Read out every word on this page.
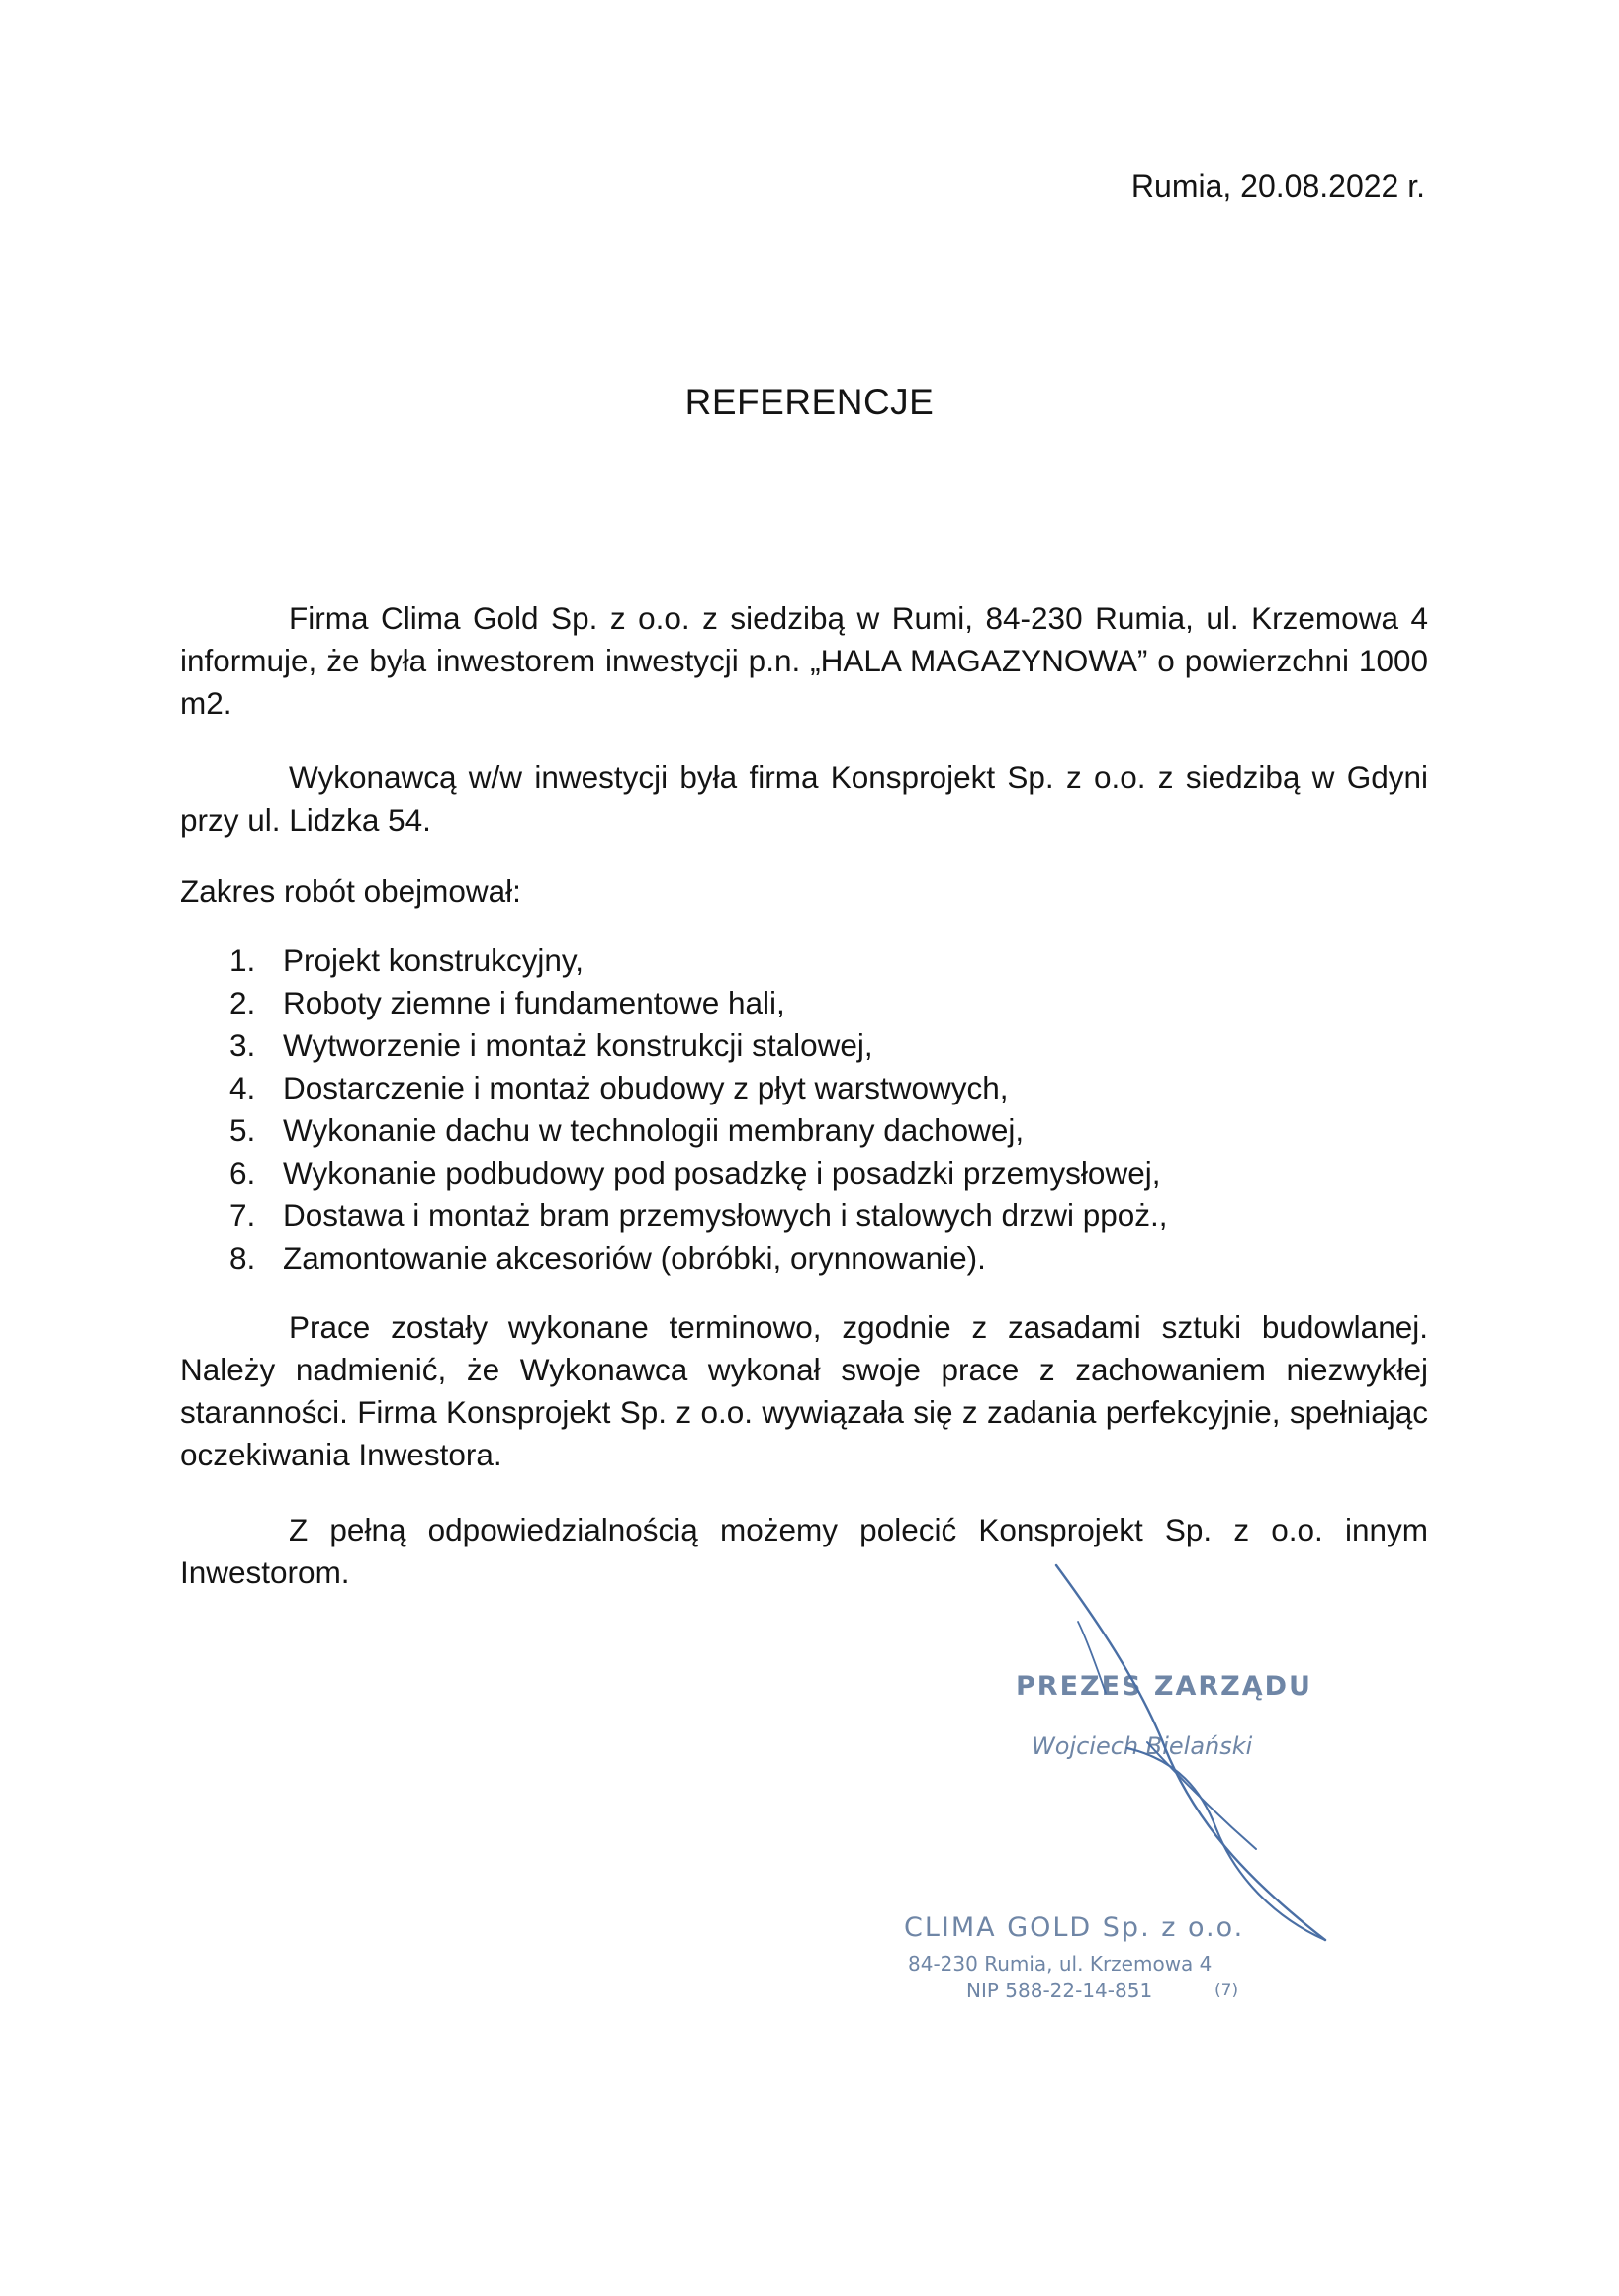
Rumia, 20.08.2022 r.
REFERENCJE

Firma Clima Gold Sp. z o.o. z siedzibą w Rumi, 84-230 Rumia, ul. Krzemowa 4 informuje, że była inwestorem inwestycji p.n. „HALA MAGAZYNOWA” o powierzchni 1000 m2.

Wykonawcą w/w inwestycji była firma Konsprojekt Sp. z o.o. z siedzibą w Gdyni przy ul. Lidzka 54.

Zakres robót obejmował:

1. Projekt konstrukcyjny,
2. Roboty ziemne i fundamentowe hali,
3. Wytworzenie i montaż konstrukcji stalowej,
4. Dostarczenie i montaż obudowy z płyt warstwowych,
5. Wykonanie dachu w technologii membrany dachowej,
6. Wykonanie podbudowy pod posadzkę i posadzki przemysłowej,
7. Dostawa i montaż bram przemysłowych i stalowych drzwi ppoż.,
8. Zamontowanie akcesoriów (obróbki, orynnowanie).

Prace zostały wykonane terminowo, zgodnie z zasadami sztuki budowlanej. Należy nadmienić, że Wykonawca wykonał swoje prace z zachowaniem niezwykłej staranności. Firma Konsprojekt Sp. z o.o. wywiązała się z zadania perfekcyjnie, spełniając oczekiwania Inwestora.

Z pełną odpowiedzialnością możemy polecić Konsprojekt Sp. z o.o. innym Inwestorom.

PREZES ZARZĄDU
Wojciech Bielański
CLIMA GOLD Sp. z o.o.
84-230 Rumia, ul. Krzemowa 4
NIP 588-22-14-851	(7)
